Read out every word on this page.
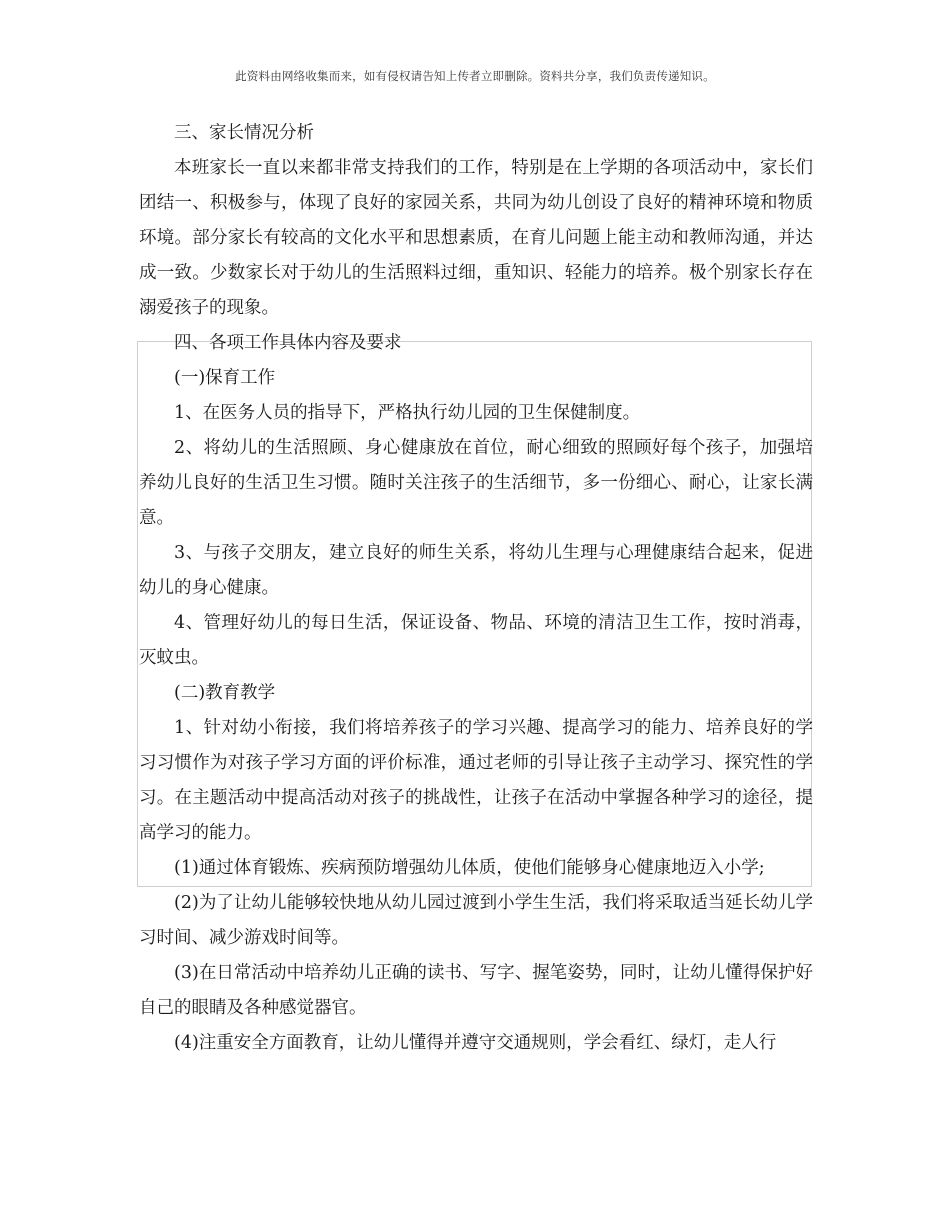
此资料由网络收集而来，如有侵权请告知上传者立即删除。资料共分享，我们负责传递知识。

三、家长情况分析

本班家长一直以来都非常支持我们的工作，特别是在上学期的各项活动中，家长们团结一、积极参与，体现了良好的家园关系，共同为幼儿创设了良好的精神环境和物质环境。部分家长有较高的文化水平和思想素质，在育儿问题上能主动和教师沟通，并达成一致。少数家长对于幼儿的生活照料过细，重知识、轻能力的培养。极个别家长存在溺爱孩子的现象。

四、各项工作具体内容及要求

(一)保育工作

1、在医务人员的指导下，严格执行幼儿园的卫生保健制度。

2、将幼儿的生活照顾、身心健康放在首位，耐心细致的照顾好每个孩子，加强培养幼儿良好的生活卫生习惯。随时关注孩子的生活细节，多一份细心、耐心，让家长满意。

3、与孩子交朋友，建立良好的师生关系，将幼儿生理与心理健康结合起来，促进幼儿的身心健康。

4、管理好幼儿的每日生活，保证设备、物品、环境的清洁卫生工作，按时消毒，灭蚊虫。

(二)教育教学

1、针对幼小衔接，我们将培养孩子的学习兴趣、提高学习的能力、培养良好的学习习惯作为对孩子学习方面的评价标准，通过老师的引导让孩子主动学习、探究性的学习。在主题活动中提高活动对孩子的挑战性，让孩子在活动中掌握各种学习的途径，提高学习的能力。

(1)通过体育锻炼、疾病预防增强幼儿体质，使他们能够身心健康地迈入小学;

(2)为了让幼儿能够较快地从幼儿园过渡到小学生生活，我们将采取适当延长幼儿学习时间、减少游戏时间等。

(3)在日常活动中培养幼儿正确的读书、写字、握笔姿势，同时，让幼儿懂得保护好自己的眼睛及各种感觉器官。

(4)注重安全方面教育，让幼儿懂得并遵守交通规则，学会看红、绿灯，走人行
